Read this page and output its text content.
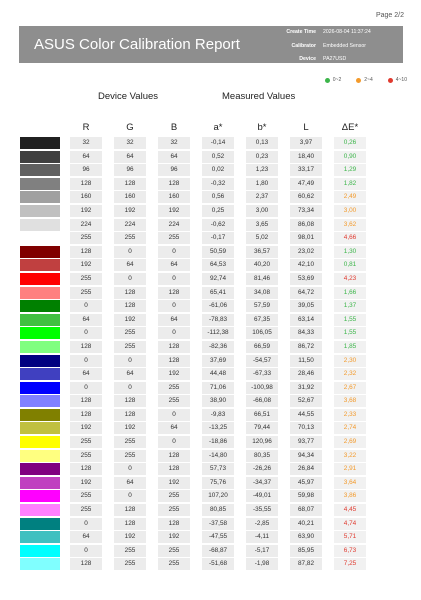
Page 2/2
ASUS Color Calibration Report
Create Time	2026-08-04 11:37:24
Calibrator	Embedded Sensor
Device	PA27USD
Serial Number	W2LMQS032043
0~2	2~4	4~10
Device Values	Measured Values
R	G	B	a*	b*	L	ΔE*
32	32	32	-0,14	0,13	3,97	0,26
64	64	64	0,52	0,23	18,40	0,90
96	96	96	0,02	1,23	33,17	1,29
128	128	128	-0,32	1,80	47,49	1,82
160	160	160	0,56	2,37	60,62	2,49
192	192	192	0,25	3,00	73,34	3,00
224	224	224	-0,62	3,65	86,08	3,62
255	255	255	-0,17	5,02	98,01	4,66
128	0	0	50,59	36,57	23,02	1,30
192	64	64	64,53	40,20	42,10	0,81
255	0	0	92,74	81,46	53,69	4,23
255	128	128	65,41	34,08	64,72	1,66
0	128	0	-61,06	57,59	39,05	1,37
64	192	64	-78,83	67,35	63,14	1,55
0	255	0	-112,38	106,05	84,33	1,55
128	255	128	-82,36	66,59	86,72	1,85
0	0	128	37,69	-54,57	11,50	2,30
64	64	192	44,48	-67,33	28,46	2,32
0	0	255	71,06	-100,98	31,92	2,67
128	128	255	38,90	-66,08	52,67	3,68
128	128	0	-9,83	66,51	44,55	2,33
192	192	64	-13,25	79,44	70,13	2,74
255	255	0	-18,86	120,96	93,77	2,69
255	255	128	-14,80	80,35	94,34	3,22
128	0	128	57,73	-26,26	26,84	2,91
192	64	192	75,76	-34,37	45,97	3,64
255	0	255	107,20	-49,01	59,98	3,86
255	128	255	80,85	-35,55	68,07	4,45
0	128	128	-37,58	-2,85	40,21	4,74
64	192	192	-47,55	-4,11	63,90	5,71
0	255	255	-68,87	-5,17	85,95	6,73
128	255	255	-51,68	-1,98	87,82	7,25
